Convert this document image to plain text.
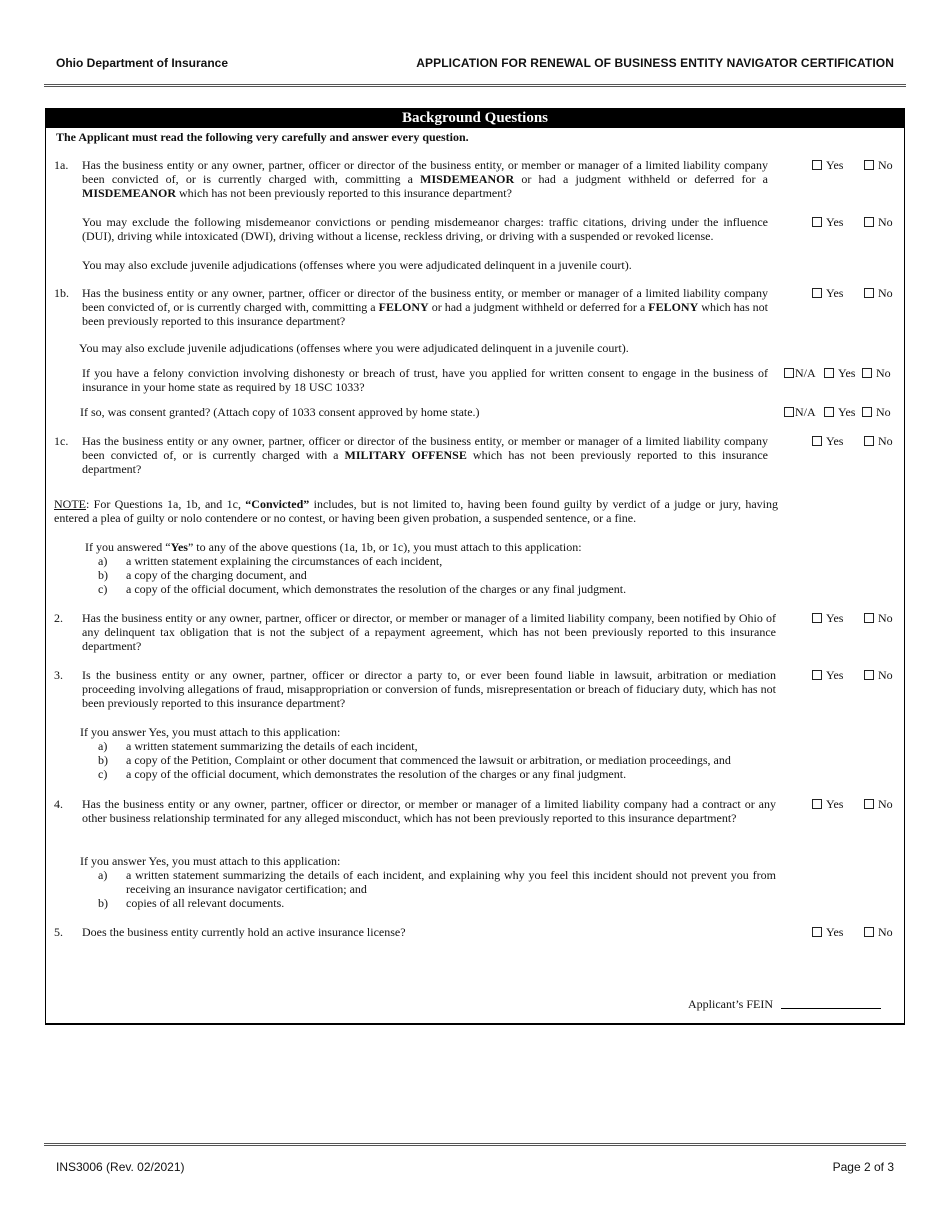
Ohio Department of Insurance	APPLICATION FOR RENEWAL OF BUSINESS ENTITY NAVIGATOR CERTIFICATION
Background Questions
The Applicant must read the following very carefully and answer every question.
1a. Has the business entity or any owner, partner, officer or director of the business entity, or member or manager of a limited liability company been convicted of, or is currently charged with, committing a MISDEMEANOR or had a judgment withheld or deferred for a MISDEMEANOR which has not been previously reported to this insurance department?
Yes	No
You may exclude the following misdemeanor convictions or pending misdemeanor charges: traffic citations, driving under the influence (DUI), driving while intoxicated (DWI), driving without a license, reckless driving, or driving with a suspended or revoked license.
Yes	No
You may also exclude juvenile adjudications (offenses where you were adjudicated delinquent in a juvenile court).
1b. Has the business entity or any owner, partner, officer or director of the business entity, or member or manager of a limited liability company been convicted of, or is currently charged with, committing a FELONY or had a judgment withheld or deferred for a FELONY which has not been previously reported to this insurance department?
Yes	No
You may also exclude juvenile adjudications (offenses where you were adjudicated delinquent in a juvenile court).
If you have a felony conviction involving dishonesty or breach of trust, have you applied for written consent to engage in the business of insurance in your home state as required by 18 USC 1033?
N/A	Yes	No
If so, was consent granted? (Attach copy of 1033 consent approved by home state.)	N/A	Yes	No
1c. Has the business entity or any owner, partner, officer or director of the business entity, or member or manager of a limited liability company been convicted of, or is currently charged with a MILITARY OFFENSE which has not been previously reported to this insurance department?
Yes	No
NOTE: For Questions 1a, 1b, and 1c, “Convicted” includes, but is not limited to, having been found guilty by verdict of a judge or jury, having entered a plea of guilty or nolo contendere or no contest, or having been given probation, a suspended sentence, or a fine.
If you answered “Yes” to any of the above questions (1a, 1b, or 1c), you must attach to this application:
a)	a written statement explaining the circumstances of each incident,
b)	a copy of the charging document, and
c)	a copy of the official document, which demonstrates the resolution of the charges or any final judgment.
2. Has the business entity or any owner, partner, officer or director, or member or manager of a limited liability company, been notified by Ohio of any delinquent tax obligation that is not the subject of a repayment agreement, which has not been previously reported to this insurance department?
Yes	No
3. Is the business entity or any owner, partner, officer or director a party to, or ever been found liable in lawsuit, arbitration or mediation proceeding involving allegations of fraud, misappropriation or conversion of funds, misrepresentation or breach of fiduciary duty, which has not been previously reported to this insurance department?
Yes	No
If you answer Yes, you must attach to this application:
a)	a written statement summarizing the details of each incident,
b)	a copy of the Petition, Complaint or other document that commenced the lawsuit or arbitration, or mediation proceedings, and
c)	a copy of the official document, which demonstrates the resolution of the charges or any final judgment.
4. Has the business entity or any owner, partner, officer or director, or member or manager of a limited liability company had a contract or any other business relationship terminated for any alleged misconduct, which has not been previously reported to this insurance department?
Yes	No
If you answer Yes, you must attach to this application:
a)	a written statement summarizing the details of each incident, and explaining why you feel this incident should not prevent you from receiving an insurance navigator certification; and
b)	copies of all relevant documents.
5. Does the business entity currently hold an active insurance license?	Yes	No
Applicant’s FEIN
INS3006 (Rev. 02/2021)	Page 2 of 3
